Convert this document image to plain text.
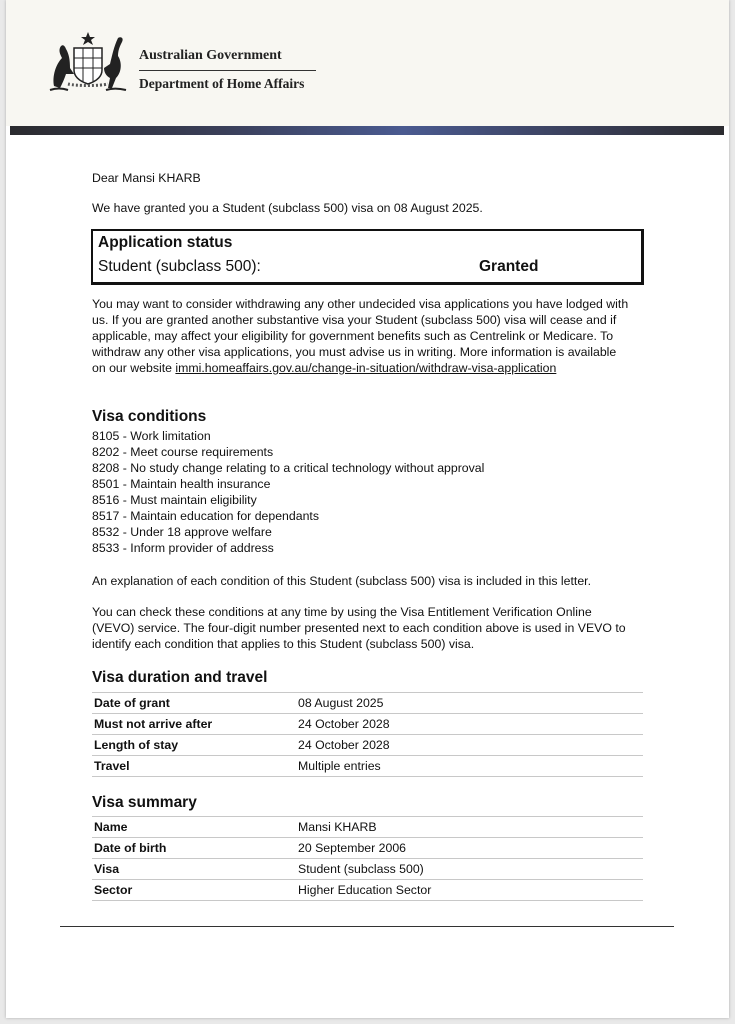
Australian Government
Department of Home Affairs
Dear Mansi KHARB
We have granted you a Student (subclass 500) visa on 08 August 2025.
Application status
Student (subclass 500):	Granted
You may want to consider withdrawing any other undecided visa applications you have lodged with us. If you are granted another substantive visa your Student (subclass 500) visa will cease and if applicable, may affect your eligibility for government benefits such as Centrelink or Medicare. To withdraw any other visa applications, you must advise us in writing. More information is available on our website immi.homeaffairs.gov.au/change-in-situation/withdraw-visa-application
Visa conditions
8105 - Work limitation
8202 - Meet course requirements
8208 - No study change relating to a critical technology without approval
8501 - Maintain health insurance
8516 - Must maintain eligibility
8517 - Maintain education for dependants
8532 - Under 18 approve welfare
8533 - Inform provider of address
An explanation of each condition of this Student (subclass 500) visa is included in this letter.
You can check these conditions at any time by using the Visa Entitlement Verification Online (VEVO) service. The four-digit number presented next to each condition above is used in VEVO to identify each condition that applies to this Student (subclass 500) visa.
Visa duration and travel
Date of grant	08 August 2025
Must not arrive after	24 October 2028
Length of stay	24 October 2028
Travel	Multiple entries
Visa summary
Name	Mansi KHARB
Date of birth	20 September 2006
Visa	Student (subclass 500)
Sector	Higher Education Sector
